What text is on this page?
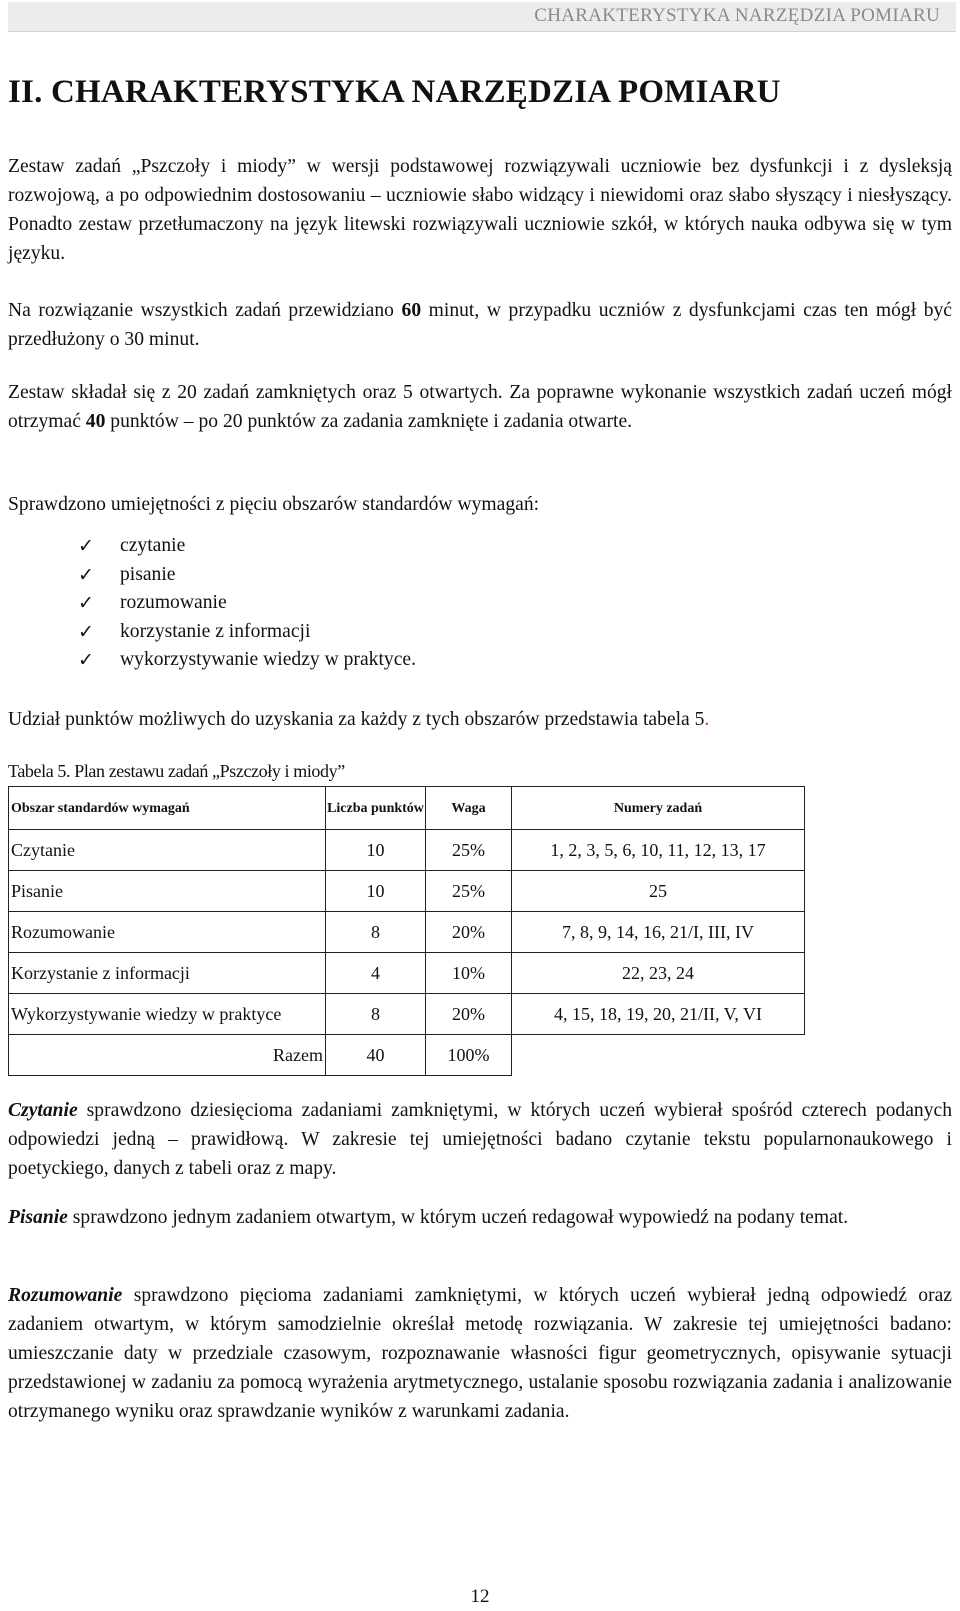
CHARAKTERYSTYKA NARZĘDZIA POMIARU
II. CHARAKTERYSTYKA NARZĘDZIA POMIARU

Zestaw zadań „Pszczoły i miody” w wersji podstawowej rozwiązywali uczniowie bez dysfunkcji i z dysleksją rozwojową, a po odpowiednim dostosowaniu – uczniowie słabo widzący i niewidomi oraz słabo słyszący i niesłyszący. Ponadto zestaw przetłumaczony na język litewski rozwiązywali uczniowie szkół, w których nauka odbywa się w tym języku.

Na rozwiązanie wszystkich zadań przewidziano 60 minut, w przypadku uczniów z dysfunkcjami czas ten mógł być przedłużony o 30 minut.

Zestaw składał się z 20 zadań zamkniętych oraz 5 otwartych. Za poprawne wykonanie wszystkich zadań uczeń mógł otrzymać 40 punktów – po 20 punktów za zadania zamknięte i zadania otwarte.

Sprawdzono umiejętności z pięciu obszarów standardów wymagań:

✓	czytanie
✓	pisanie
✓	rozumowanie
✓	korzystanie z informacji
✓	wykorzystywanie wiedzy w praktyce.

Udział punktów możliwych do uzyskania za każdy z tych obszarów przedstawia tabela 5.

Tabela 5. Plan zestawu zadań „Pszczoły i miody”
Obszar standardów wymagań	Liczba punktów	Waga	Numery zadań
Czytanie	10	25%	1, 2, 3, 5, 6, 10, 11, 12, 13, 17
Pisanie	10	25%	25
Rozumowanie	8	20%	7, 8, 9, 14, 16, 21/I, III, IV
Korzystanie z informacji	4	10%	22, 23, 24
Wykorzystywanie wiedzy w praktyce	8	20%	4, 15, 18, 19, 20, 21/II, V, VI
Razem	40	100%	

Czytanie sprawdzono dziesięcioma zadaniami zamkniętymi, w których uczeń wybierał spośród czterech podanych odpowiedzi jedną – prawidłową. W zakresie tej umiejętności badano czytanie tekstu popularnonaukowego i poetyckiego, danych z tabeli oraz z mapy.

Pisanie sprawdzono jednym zadaniem otwartym, w którym uczeń redagował wypowiedź na podany temat.

Rozumowanie sprawdzono pięcioma zadaniami zamkniętymi, w których uczeń wybierał jedną odpowiedź oraz zadaniem otwartym, w którym samodzielnie określał metodę rozwiązania. W zakresie tej umiejętności badano: umieszczanie daty w przedziale czasowym, rozpoznawanie własności figur geometrycznych, opisywanie sytuacji przedstawionej w zadaniu za pomocą wyrażenia arytmetycznego, ustalanie sposobu rozwiązania zadania i analizowanie otrzymanego wyniku oraz sprawdzanie wyników z warunkami zadania.

12
